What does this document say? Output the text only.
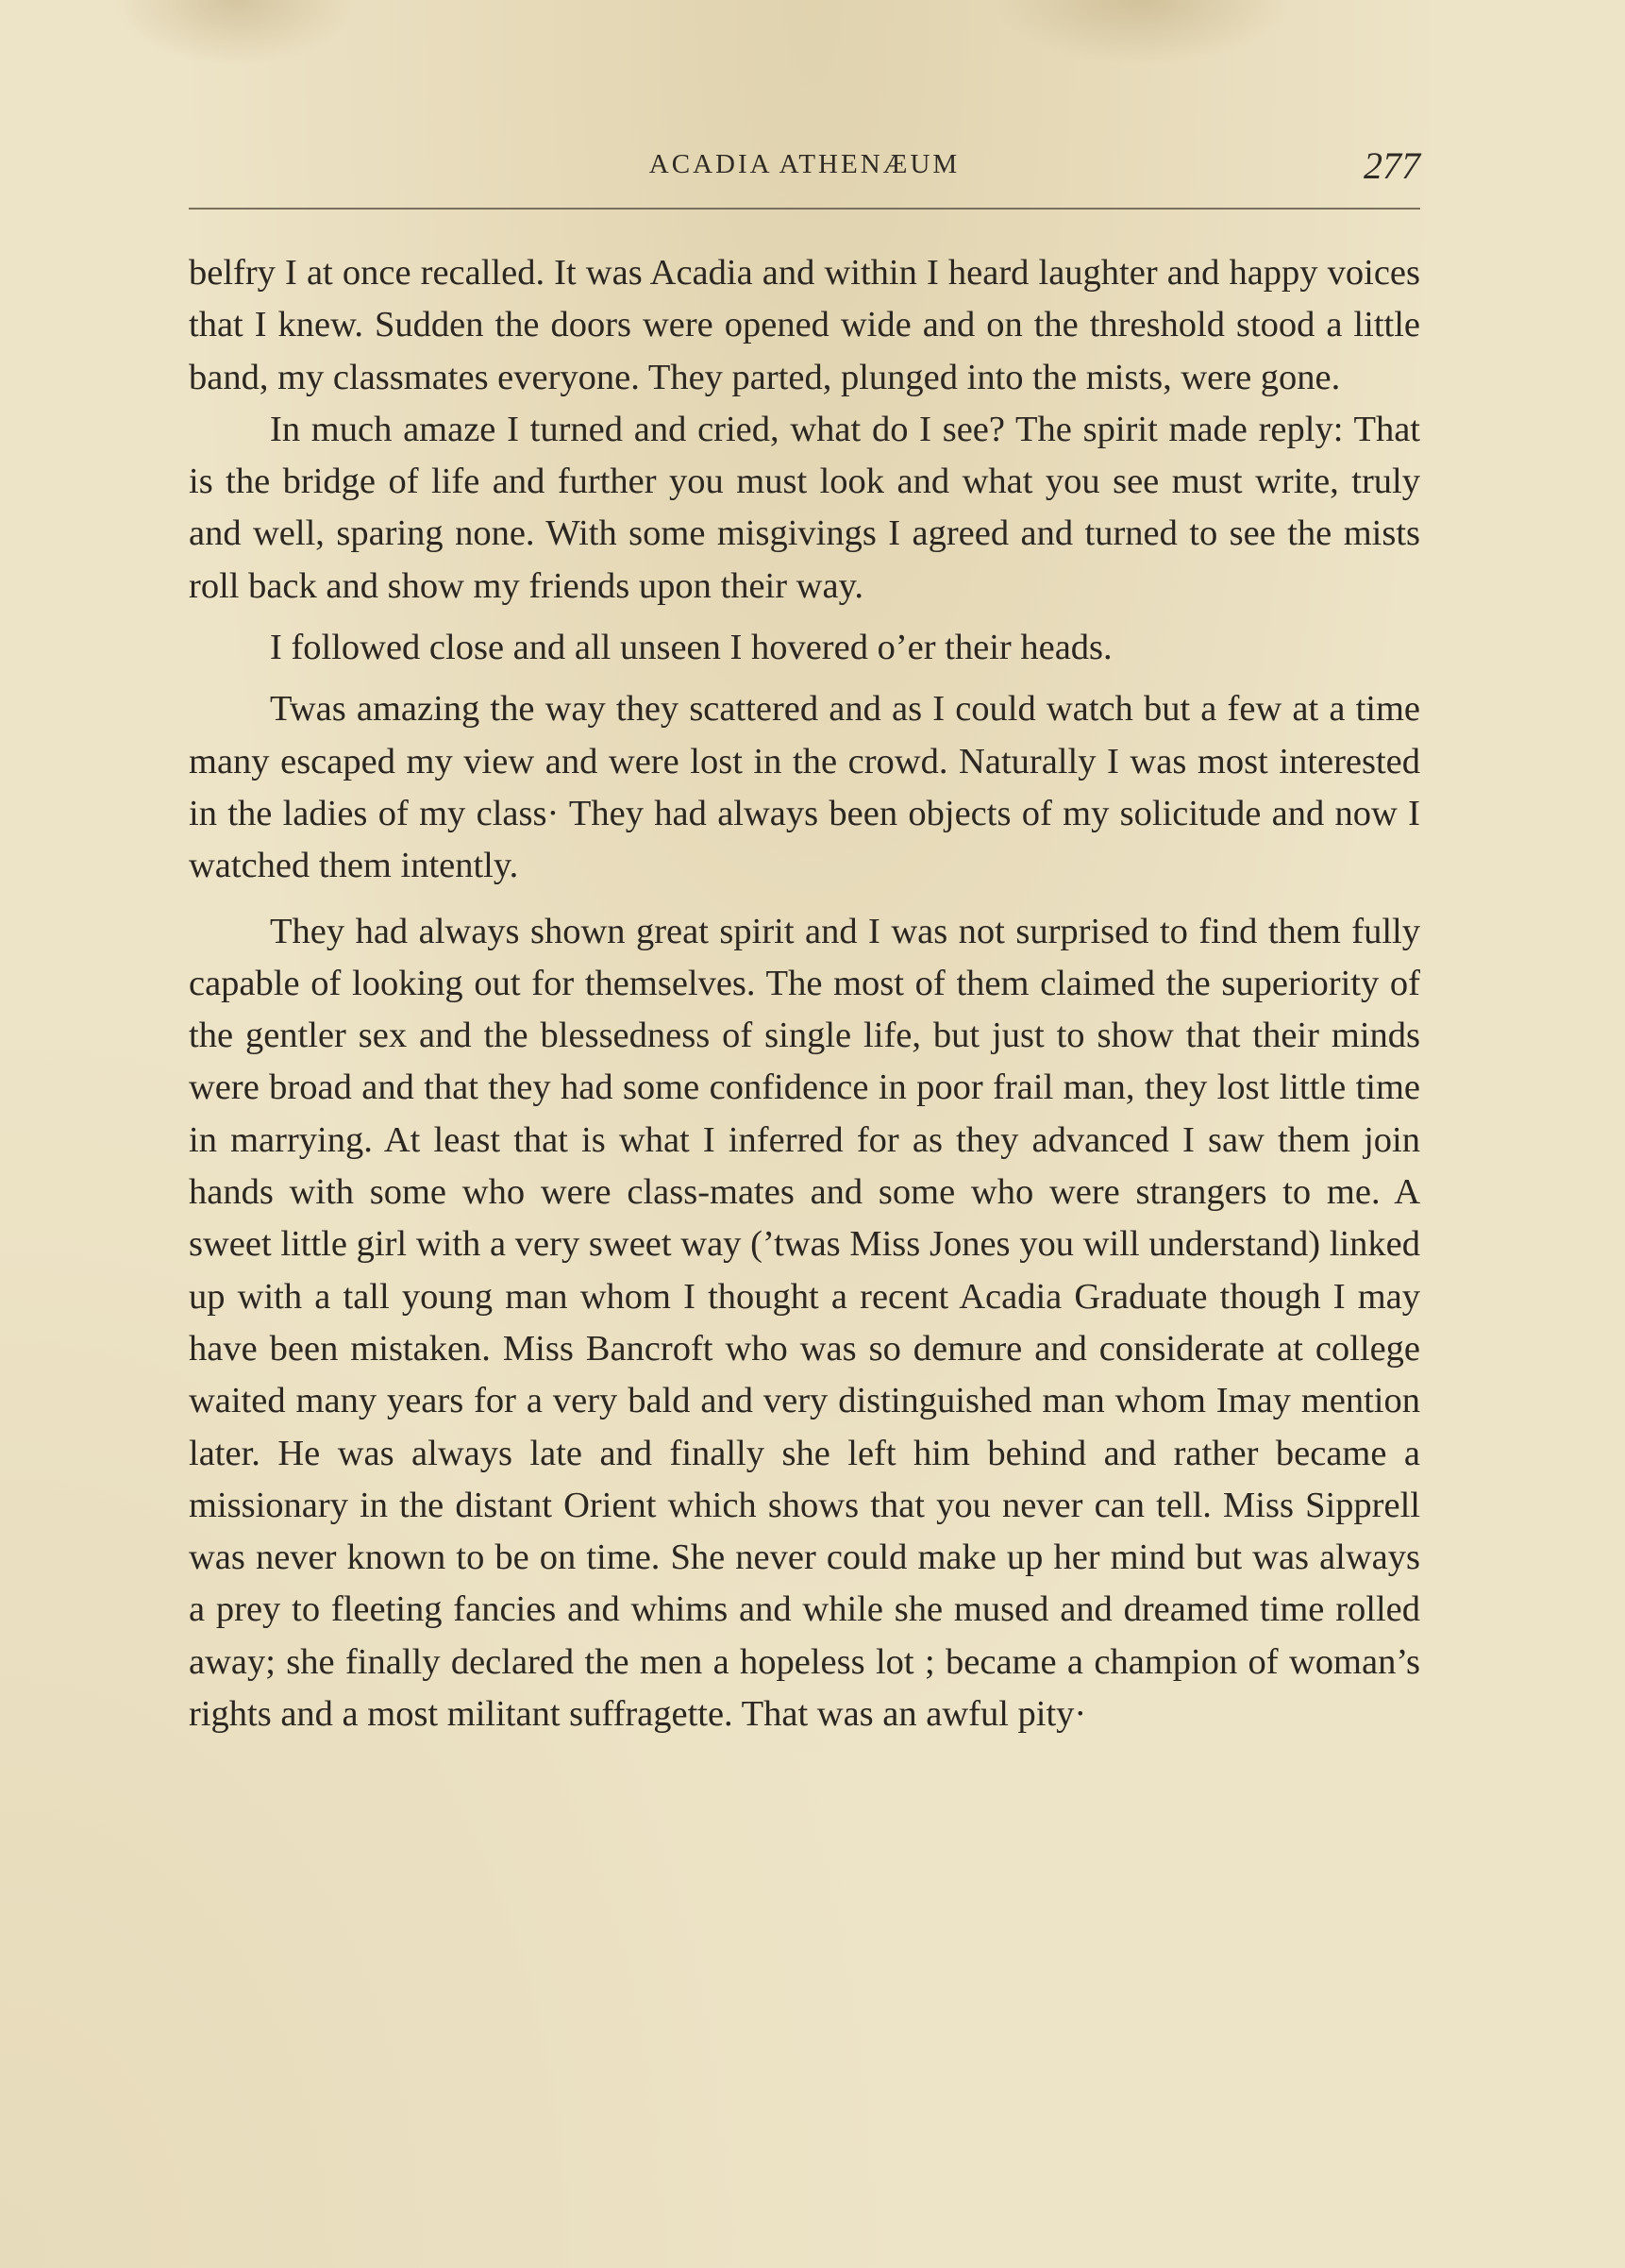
ACADIA ATHENÆUM	277

belfry I at once recalled. It was Acadia and within I heard laughter and happy voices that I knew. Sudden the doors were opened wide and on the threshold stood a little band, my classmates everyone. They parted, plunged into the mists, were gone.

In much amaze I turned and cried, what do I see? The spirit made reply: That is the bridge of life and further you must look and what you see must write, truly and well, sparing none. With some misgivings I agreed and turned to see the mists roll back and show my friends upon their way.

I followed close and all unseen I hovered o’er their heads.

Twas amazing the way they scattered and as I could watch but a few at a time many escaped my view and were lost in the crowd. Naturally I was most interested in the ladies of my class· They had always been objects of my solicitude and now I watched them intently.

They had always shown great spirit and I was not surprised to find them fully capable of looking out for themselves. The most of them claimed the superiority of the gentler sex and the blessedness of single life, but just to show that their minds were broad and that they had some confidence in poor frail man, they lost little time in marrying. At least that is what I inferred for as they advanced I saw them join hands with some who were class-mates and some who were strangers to me. A sweet little girl with a very sweet way (’twas Miss Jones you will understand) linked up with a tall young man whom I thought a recent Acadia Graduate though I may have been mistaken. Miss Bancroft who was so demure and considerate at college waited many years for a very bald and very distinguished man whom Imay mention later. He was always late and finally she left him behind and rather became a missionary in the distant Orient which shows that you never can tell. Miss Sipprell was never known to be on time. She never could make up her mind but was always a prey to fleeting fancies and whims and while she mused and dreamed time rolled away; she finally declared the men a hopeless lot ; became a champion of woman’s rights and a most militant suffragette. That was an awful pity·
